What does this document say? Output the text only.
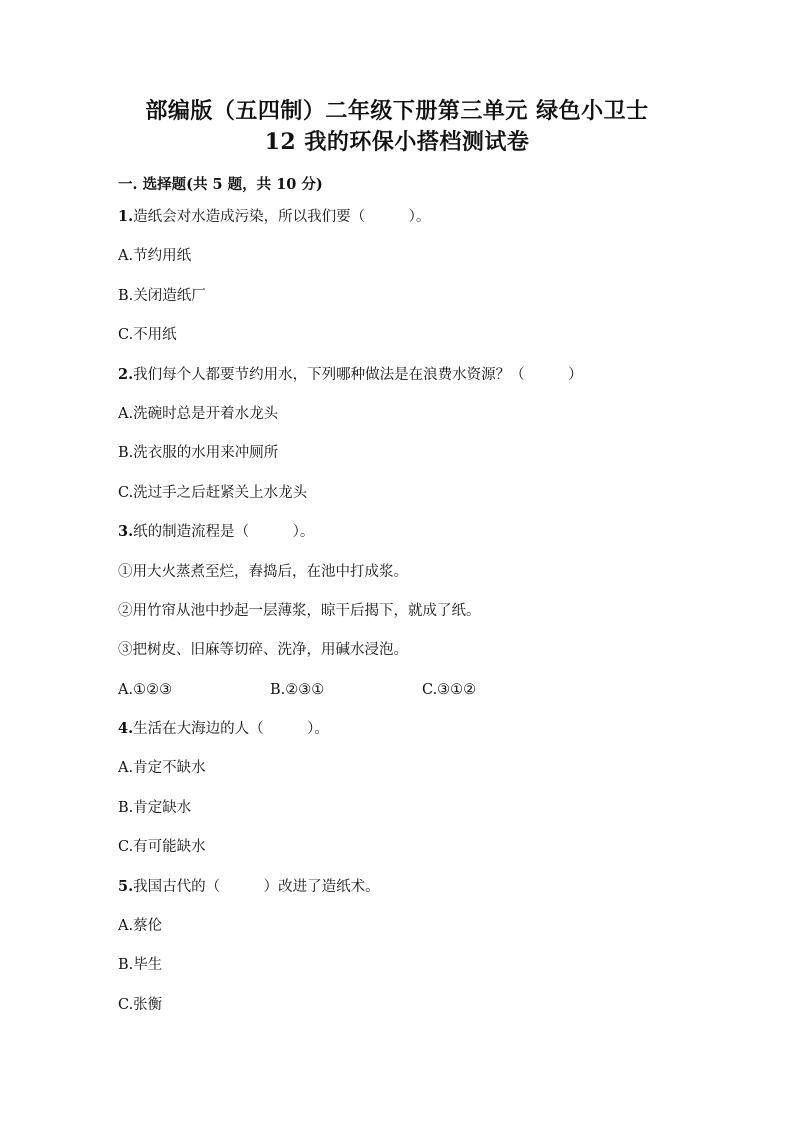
部编版（五四制）二年级下册第三单元 绿色小卫士
12 我的环保小搭档测试卷
一. 选择题(共 5 题，共 10 分)
1.造纸会对水造成污染，所以我们要（　　　）。
A.节约用纸
B.关闭造纸厂
C.不用纸
2.我们每个人都要节约用水，下列哪种做法是在浪费水资源？（　　　）
A.洗碗时总是开着水龙头
B.洗衣服的水用来冲厕所
C.洗过手之后赶紧关上水龙头
3.纸的制造流程是（　　　）。
①用大火蒸煮至烂，舂捣后，在池中打成浆。
②用竹帘从池中抄起一层薄浆，晾干后揭下，就成了纸。
③把树皮、旧麻等切碎、洗净，用碱水浸泡。
A.①②③	B.②③①	C.③①②
4.生活在大海边的人（　　　）。
A.肯定不缺水
B.肯定缺水
C.有可能缺水
5.我国古代的（　　　）改进了造纸术。
A.蔡伦
B.毕生
C.张衡
